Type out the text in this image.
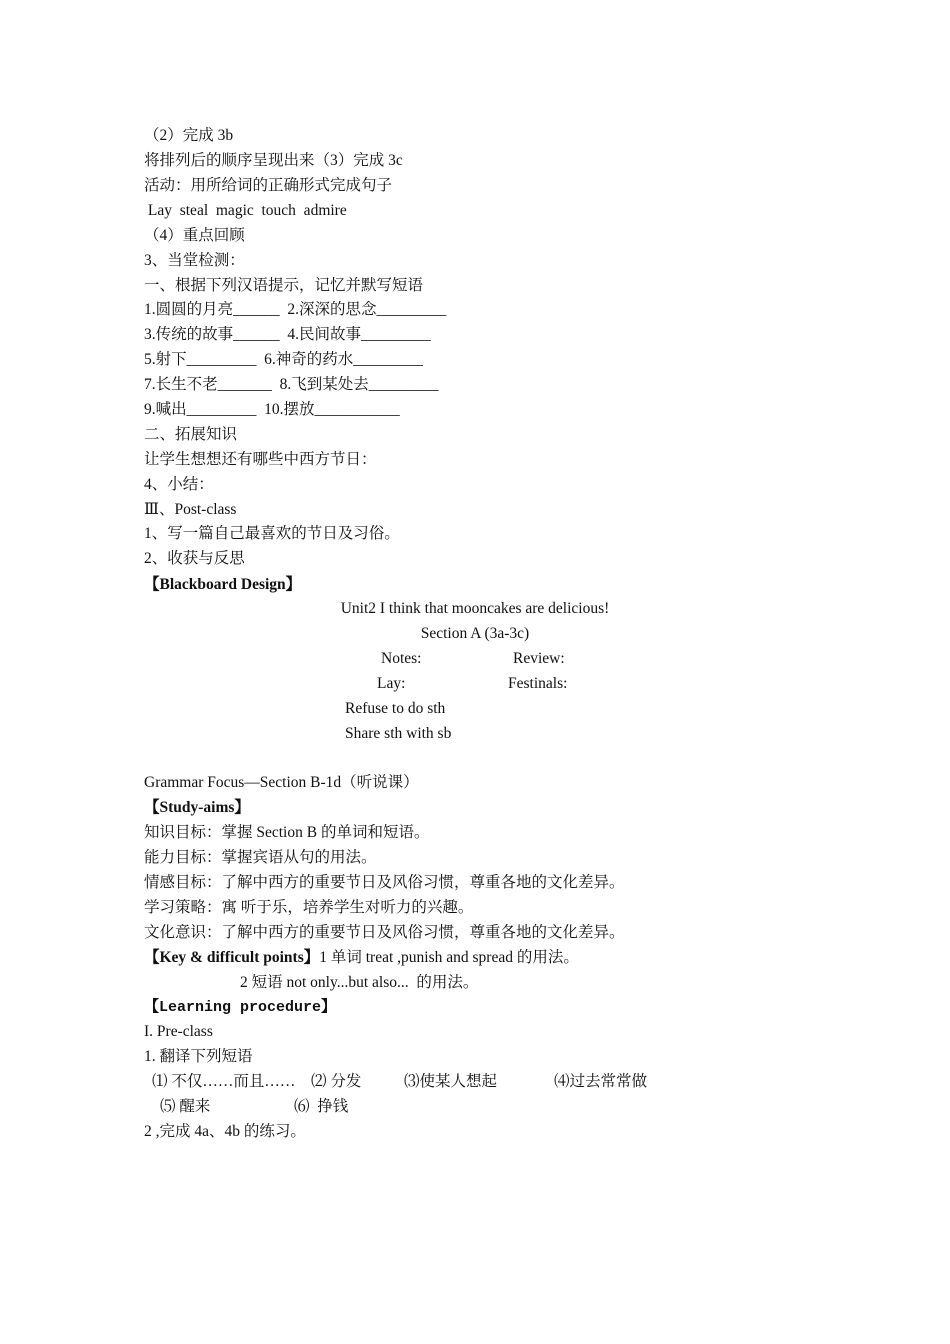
（2）完成 3b
将排列后的顺序呈现出来（3）完成 3c
活动：用所给词的正确形式完成句子
Lay  steal  magic  touch  admire
（4）重点回顾
3、当堂检测：
一、根据下列汉语提示，记忆并默写短语
1.圆圆的月亮______  2.深深的思念_________
3.传统的故事______  4.民间故事_________
5.射下_________  6.神奇的药水_________
7.长生不老_______  8.飞到某处去_________
9.喊出_________  10.摆放___________
二、拓展知识
让学生想想还有哪些中西方节日：
4、小结：
Ⅲ、Post-class
1、写一篇自己最喜欢的节日及习俗。
2、收获与反思
【Blackboard Design】
Unit2 I think that mooncakes are delicious!
Section A (3a-3c)
Notes:	Review:
Lay:	Festinals:
Refuse to do sth
Share sth with sb
Grammar Focus—Section B-1d（听说课）
【Study-aims】
知识目标：掌握 Section B 的单词和短语。
能力目标：掌握宾语从句的用法。
情感目标：了解中西方的重要节日及风俗习惯，尊重各地的文化差异。
学习策略：寓 听于乐，培养学生对听力的兴趣。
文化意识：了解中西方的重要节日及风俗习惯，尊重各地的文化差异。
【Key & difficult points】1 单词 treat ,punish and spread 的用法。
2 短语 not only...but also...  的用法。
【Learning procedure】
I. Pre-class
1. 翻译下列短语
⑴ 不仅……而且…… ⑵ 分发	⑶使某人想起	⑷过去常常做
⑸ 醒来	⑹  挣钱
2 ,完成 4a、4b 的练习。
